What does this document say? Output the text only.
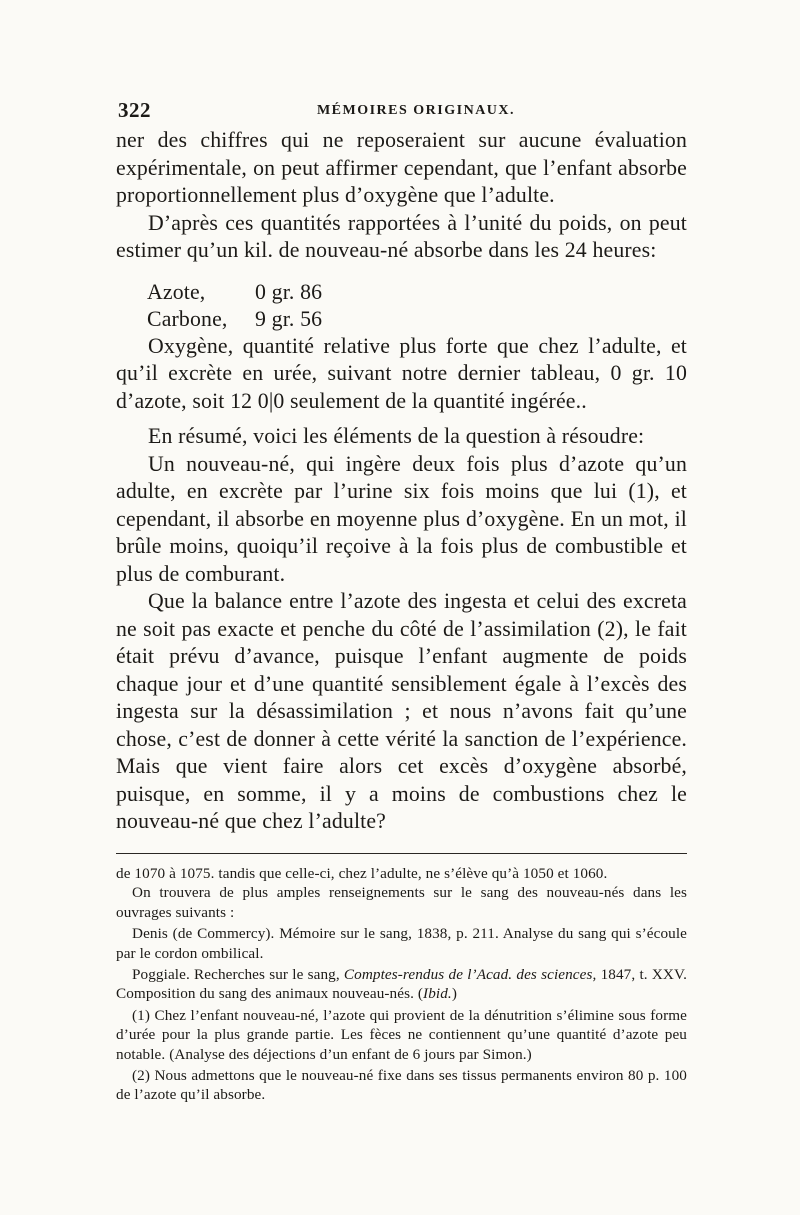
322	MÉMOIRES ORIGINAUX.

ner des chiffres qui ne reposeraient sur aucune évaluation expérimentale, on peut affirmer cependant, que l’enfant absorbe proportionnellement plus d’oxygène que l’adulte.

D’après ces quantités rapportées à l’unité du poids, on peut estimer qu’un kil. de nouveau-né absorbe dans les 24 heures:

Azote,	0 gr. 86
Carbone,	9 gr. 56

Oxygène, quantité relative plus forte que chez l’adulte, et qu’il excrète en urée, suivant notre dernier tableau, 0 gr. 10 d’azote, soit 12 0|0 seulement de la quantité ingérée..

En résumé, voici les éléments de la question à résoudre:

Un nouveau-né, qui ingère deux fois plus d’azote qu’un adulte, en excrète par l’urine six fois moins que lui (1), et cependant, il absorbe en moyenne plus d’oxygène. En un mot, il brûle moins, quoiqu’il reçoive à la fois plus de combustible et plus de comburant.

Que la balance entre l’azote des ingesta et celui des excreta ne soit pas exacte et penche du côté de l’assimilation (2), le fait était prévu d’avance, puisque l’enfant augmente de poids chaque jour et d’une quantité sensiblement égale à l’excès des ingesta sur la désassimilation ; et nous n’avons fait qu’une chose, c’est de donner à cette vérité la sanction de l’expérience. Mais que vient faire alors cet excès d’oxygène absorbé, puisque, en somme, il y a moins de combustions chez le nouveau-né que chez l’adulte?

de 1070 à 1075. tandis que celle-ci, chez l’adulte, ne s’élève qu’à 1050 et 1060.

On trouvera de plus amples renseignements sur le sang des nouveau-nés dans les ouvrages suivants :

Denis (de Commercy). Mémoire sur le sang, 1838, p. 211. Analyse du sang qui s’écoule par le cordon ombilical.

Poggiale. Recherches sur le sang, Comptes-rendus de l’Acad. des sciences, 1847, t. XXV. Composition du sang des animaux nouveau-nés. (Ibid.)

(1) Chez l’enfant nouveau-né, l’azote qui provient de la dénutrition s’élimine sous forme d’urée pour la plus grande partie. Les fèces ne contiennent qu’une quantité d’azote peu notable. (Analyse des déjections d’un enfant de 6 jours par Simon.)

(2) Nous admettons que le nouveau-né fixe dans ses tissus permanents environ 80 p. 100 de l’azote qu’il absorbe.
